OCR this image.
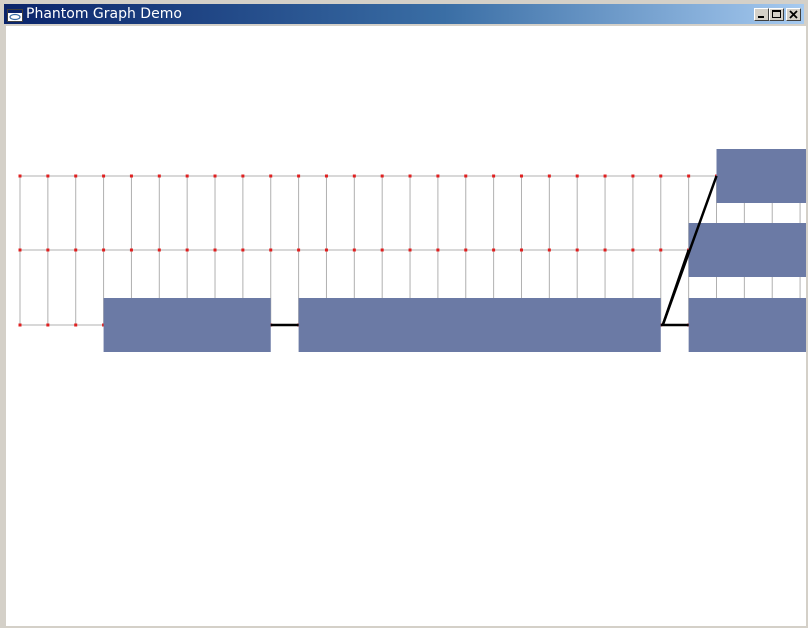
Phantom Graph Demo
